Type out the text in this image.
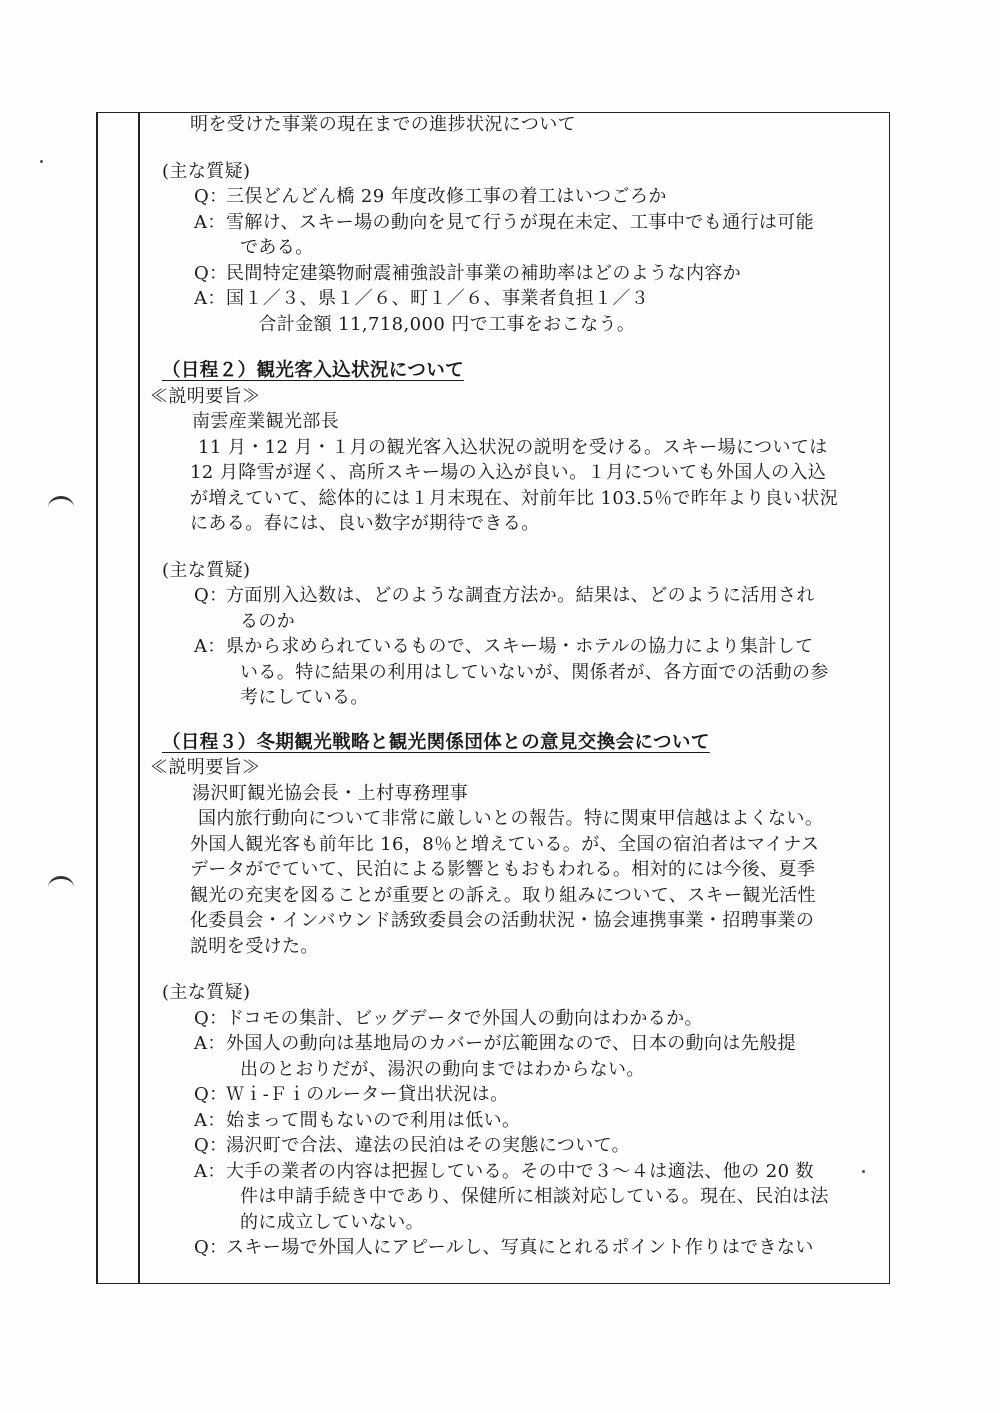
明を受けた事業の現在までの進捗状況について
(主な質疑)
Q：
三俣どんどん橋 29 年度改修工事の着工はいつごろか
A： 雪解け、スキー場の動向を見て行うが現在未定、工事中でも通行は可能
である。
Q：
民間特定建築物耐震補強設計事業の補助率はどのような内容か
A： 国１／３、県１／６、町１／６、事業者負担１／３
　合計金額 11,718,000 円で工事をおこなう。
（日程２）観光客入込状況について
≪説明要旨≫
南雲産業観光部長
11 月・12 月・１月の観光客入込状況の説明を受ける。スキー場については
12 月降雪が遅く、高所スキー場の入込が良い。１月についても外国人の入込
が増えていて、総体的には１月末現在、対前年比 103.5％で昨年より良い状況
にある。春には、良い数字が期待できる。
(主な質疑)
Q：
方面別入込数は、どのような調査方法か。結果は、どのように活用され
るのか
A： 県から求められているもので、スキー場・ホテルの協力により集計して
いる。特に結果の利用はしていないが、関係者が、各方面での活動の参
考にしている。
（日程３）冬期観光戦略と観光関係団体との意見交換会について
≪説明要旨≫
湯沢町観光協会長・上村専務理事
国内旅行動向について非常に厳しいとの報告。特に関東甲信越はよくない。
外国人観光客も前年比 16，8％と増えている。が、全国の宿泊者はマイナス
データがでていて、民泊による影響ともおもわれる。相対的には今後、夏季
観光の充実を図ることが重要との訴え。取り組みについて、スキー観光活性
化委員会・インバウンド誘致委員会の活動状況・協会連携事業・招聘事業の
説明を受けた。
(主な質疑)
Q：
ドコモの集計、ビッグデータで外国人の動向はわかるか。
A： 外国人の動向は基地局のカバーが広範囲なので、日本の動向は先般提
出のとおりだが、湯沢の動向まではわからない。
Q：
Ｗｉ-Ｆｉのルーター貸出状況は。
A： 始まって間もないので利用は低い。
Q：
湯沢町で合法、違法の民泊はその実態について。
A： 大手の業者の内容は把握している。その中で３～４は適法、他の 20 数
件は申請手続き中であり、保健所に相談対応している。現在、民泊は法
的に成立していない。
Q：
スキー場で外国人にアピールし、写真にとれるポイント作りはできない
